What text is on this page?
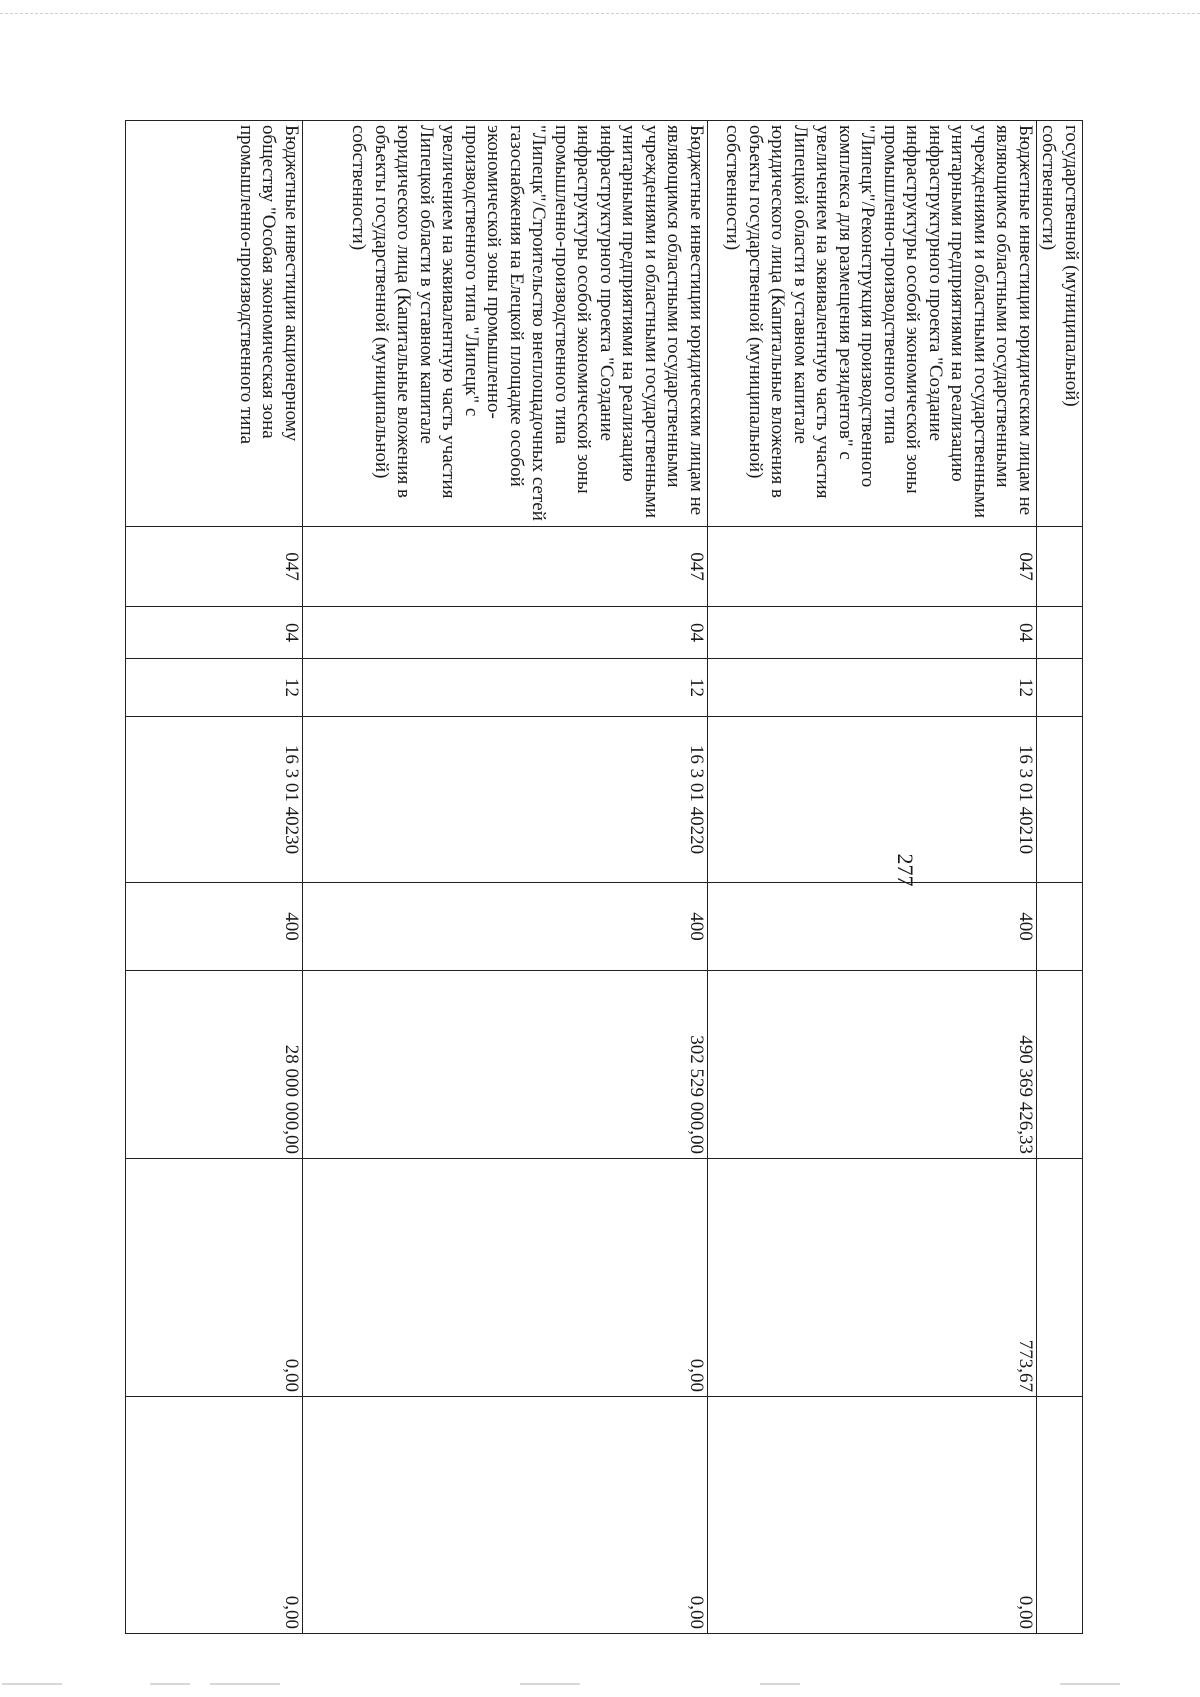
277
государственной (муниципальной) собственности)								
Бюджетные инвестиции юридическим лицам не являющимся областными государственными учреждениями и областными государственными унитарными предприятиями на реализацию инфраструктурного проекта "Создание инфраструктуры особой экономической зоны промышленно-производственного типа "Липецк"/Реконструкция производственного комплекса для размещения резидентов" с увеличением на эквивалентную часть участия Липецкой области в уставном капитале юридического лица (Капитальные вложения в объекты государственной (муниципальной) собственности)	047	04	12	16 3 01 40210	400	490 369 426,33	773,67	0,00
Бюджетные инвестиции юридическим лицам не являющимся областными государственными учреждениями и областными государственными унитарными предприятиями на реализацию инфраструктурного проекта "Создание инфраструктуры особой экономической зоны промышленно-производственного типа "Липецк"/Строительство внеплощадочных сетей газоснабжения на Елецкой площадке особой экономической зоны промышленно-производственного типа "Липецк" с увеличением на эквивалентную часть участия Липецкой области в уставном капитале юридического лица (Капитальные вложения в объекты государственной (муниципальной) собственности)	047	04	12	16 3 01 40220	400	302 529 000,00	0,00	0,00
Бюджетные инвестиции акционерному обществу "Особая экономическая зона промышленно-производственного типа	047	04	12	16 3 01 40230	400	28 000 000,00	0,00	0,00
